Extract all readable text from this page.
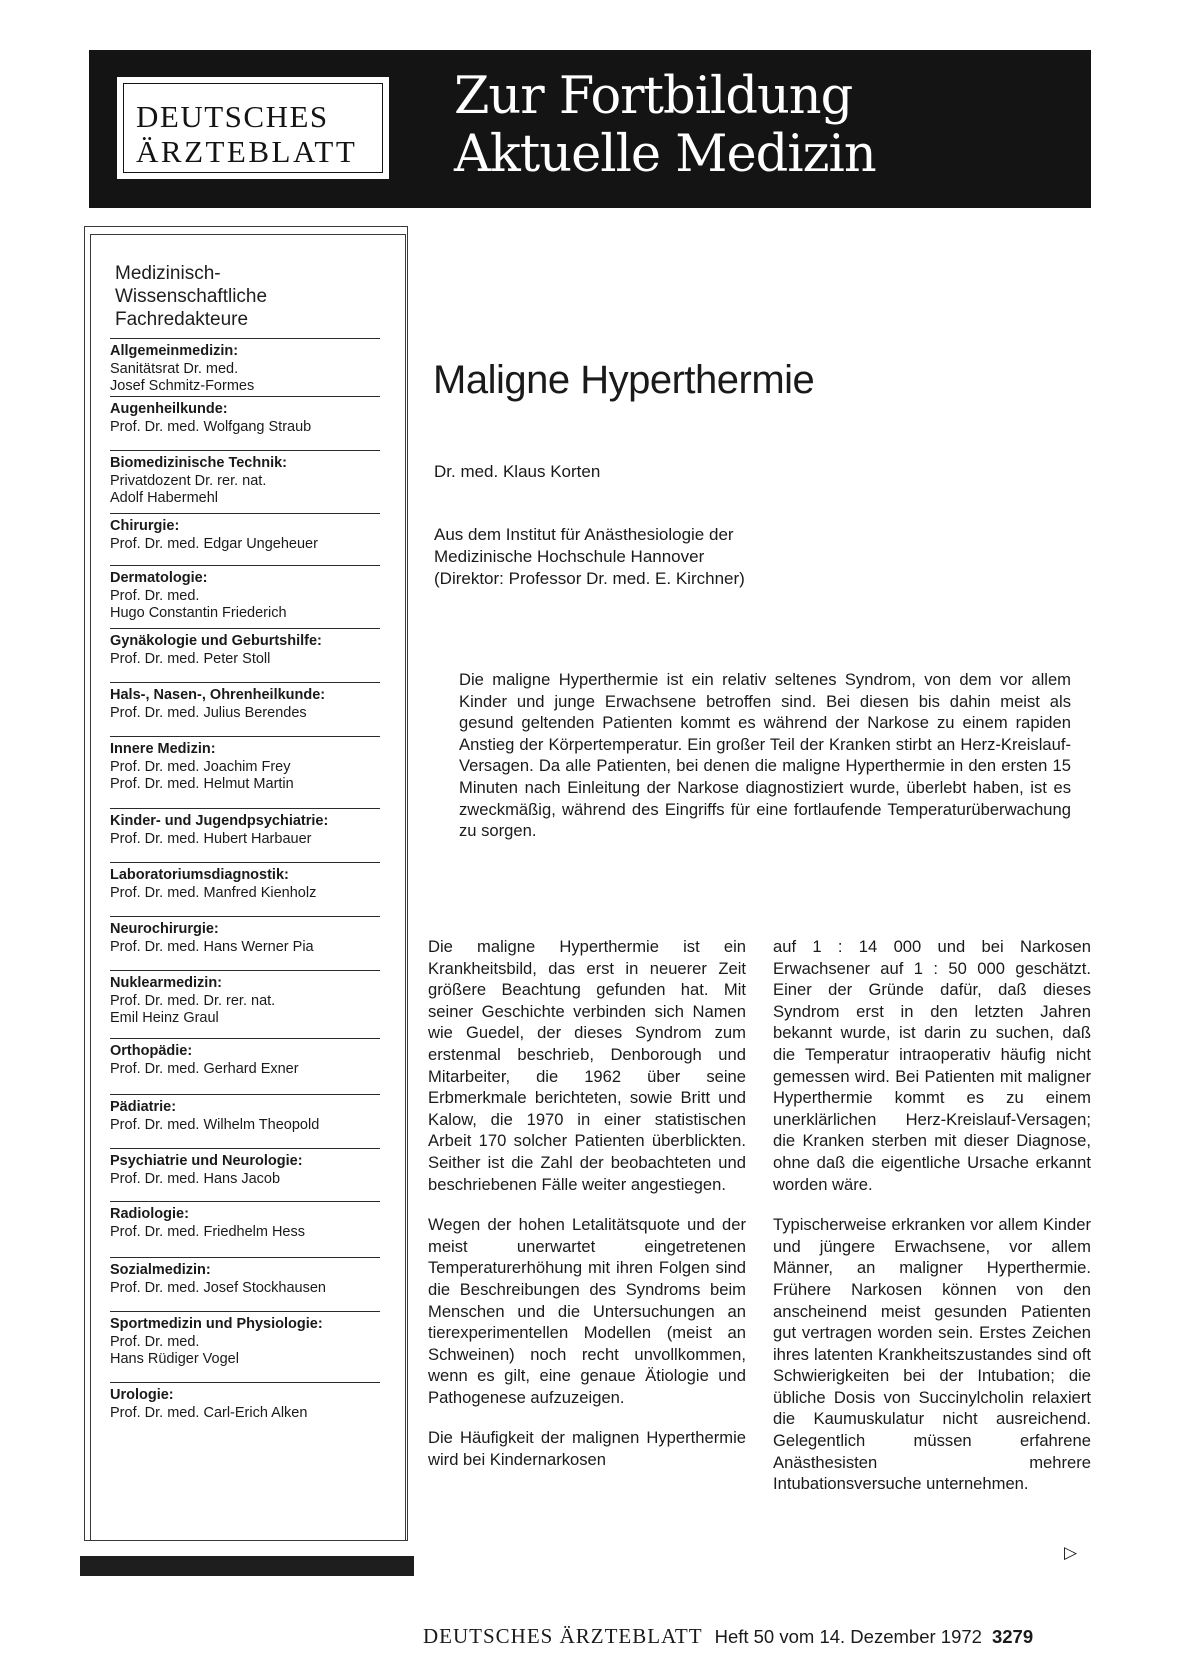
DEUTSCHES
ÄRZTEBLATT
Zur Fortbildung
Aktuelle Medizin
Medizinisch-
Wissenschaftliche
Fachredakteure
Allgemeinmedizin:
Sanitätsrat Dr. med.
Josef Schmitz-Formes
Augenheilkunde:
Prof. Dr. med. Wolfgang Straub
Biomedizinische Technik:
Privatdozent Dr. rer. nat.
Adolf Habermehl
Chirurgie:
Prof. Dr. med. Edgar Ungeheuer
Dermatologie:
Prof. Dr. med.
Hugo Constantin Friederich
Gynäkologie und Geburtshilfe:
Prof. Dr. med. Peter Stoll
Hals-, Nasen-, Ohrenheilkunde:
Prof. Dr. med. Julius Berendes
Innere Medizin:
Prof. Dr. med. Joachim Frey
Prof. Dr. med. Helmut Martin
Kinder- und Jugendpsychiatrie:
Prof. Dr. med. Hubert Harbauer
Laboratoriumsdiagnostik:
Prof. Dr. med. Manfred Kienholz
Neurochirurgie:
Prof. Dr. med. Hans Werner Pia
Nuklearmedizin:
Prof. Dr. med. Dr. rer. nat.
Emil Heinz Graul
Orthopädie:
Prof. Dr. med. Gerhard Exner
Pädiatrie:
Prof. Dr. med. Wilhelm Theopold
Psychiatrie und Neurologie:
Prof. Dr. med. Hans Jacob
Radiologie:
Prof. Dr. med. Friedhelm Hess
Sozialmedizin:
Prof. Dr. med. Josef Stockhausen
Sportmedizin und Physiologie:
Prof. Dr. med.
Hans Rüdiger Vogel
Urologie:
Prof. Dr. med. Carl-Erich Alken
Maligne Hyperthermie
Dr. med. Klaus Korten
Aus dem Institut für Anästhesiologie der
Medizinische Hochschule Hannover
(Direktor: Professor Dr. med. E. Kirchner)
Die maligne Hyperthermie ist ein relativ seltenes Syndrom, von dem vor allem Kinder und junge Erwachsene betroffen sind. Bei diesen bis dahin meist als gesund geltenden Patienten kommt es während der Narkose zu einem rapiden Anstieg der Körpertemperatur. Ein großer Teil der Kranken stirbt an Herz-Kreislauf-Versagen. Da alle Patienten, bei denen die maligne Hyperthermie in den ersten 15 Minuten nach Einleitung der Narkose diagnostiziert wurde, überlebt haben, ist es zweckmäßig, während des Eingriffs für eine fortlaufende Temperaturüberwachung zu sorgen.

Die maligne Hyperthermie ist ein Krankheitsbild, das erst in neuerer Zeit größere Beachtung gefunden hat. Mit seiner Geschichte verbinden sich Namen wie Guedel, der dieses Syndrom zum erstenmal beschrieb, Denborough und Mitarbeiter, die 1962 über seine Erbmerkmale berichteten, sowie Britt und Kalow, die 1970 in einer statistischen Arbeit 170 solcher Patienten überblickten. Seither ist die Zahl der beobachteten und beschriebenen Fälle weiter angestiegen.

Wegen der hohen Letalitätsquote und der meist unerwartet eingetretenen Temperaturerhöhung mit ihren Folgen sind die Beschreibungen des Syndroms beim Menschen und die Untersuchungen an tierexperimentellen Modellen (meist an Schweinen) noch recht unvollkommen, wenn es gilt, eine genaue Ätiologie und Pathogenese aufzuzeigen.

Die Häufigkeit der malignen Hyperthermie wird bei Kindernarkosen

auf 1 : 14 000 und bei Narkosen Erwachsener auf 1 : 50 000 geschätzt. Einer der Gründe dafür, daß dieses Syndrom erst in den letzten Jahren bekannt wurde, ist darin zu suchen, daß die Temperatur intraoperativ häufig nicht gemessen wird. Bei Patienten mit maligner Hyperthermie kommt es zu einem unerklärlichen Herz-Kreislauf-Versagen; die Kranken sterben mit dieser Diagnose, ohne daß die eigentliche Ursache erkannt worden wäre.

Typischerweise erkranken vor allem Kinder und jüngere Erwachsene, vor allem Männer, an maligner Hyperthermie. Frühere Narkosen können von den anscheinend meist gesunden Patienten gut vertragen worden sein. Erstes Zeichen ihres latenten Krankheitszustandes sind oft Schwierigkeiten bei der Intubation; die übliche Dosis von Succinylcholin relaxiert die Kaumuskulatur nicht ausreichend. Gelegentlich müssen erfahrene Anästhesisten mehrere Intubationsversuche unternehmen.

▷
DEUTSCHES ÄRZTEBLATT Heft 50 vom 14. Dezember 1972 3279
